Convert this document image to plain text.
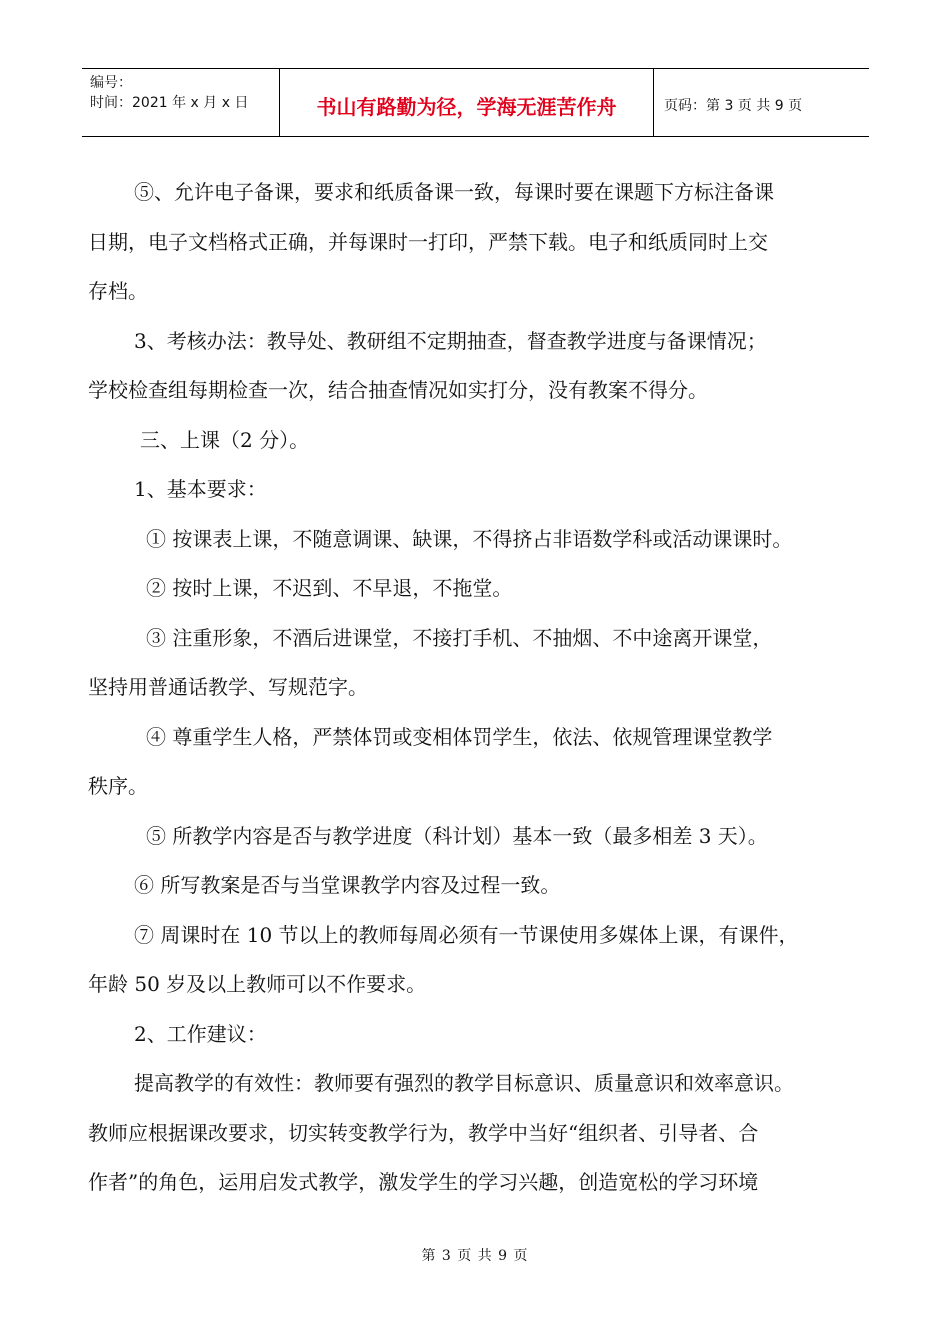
编号：
时间：2021 年 x 月 x 日	书山有路勤为径，学海无涯苦作舟	页码：第 3 页 共 9 页

⑤、允许电子备课，要求和纸质备课一致，每课时要在课题下方标注备课

日期，电子文档格式正确，并每课时一打印，严禁下载。电子和纸质同时上交

存档。

3、考核办法：教导处、教研组不定期抽查，督查教学进度与备课情况；

学校检查组每期检查一次，结合抽查情况如实打分，没有教案不得分。

三、上课（2 分）。

1、基本要求：

① 按课表上课，不随意调课、缺课，不得挤占非语数学科或活动课课时。

② 按时上课，不迟到、不早退，不拖堂。

③ 注重形象，不酒后进课堂，不接打手机、不抽烟、不中途离开课堂，

坚持用普通话教学、写规范字。

④ 尊重学生人格，严禁体罚或变相体罚学生，依法、依规管理课堂教学

秩序。

⑤ 所教学内容是否与教学进度（科计划）基本一致（最多相差 3 天）。

⑥ 所写教案是否与当堂课教学内容及过程一致。

⑦ 周课时在 10 节以上的教师每周必须有一节课使用多媒体上课，有课件，

年龄 50 岁及以上教师可以不作要求。

2、工作建议：

提高教学的有效性：教师要有强烈的教学目标意识、质量意识和效率意识。

教师应根据课改要求，切实转变教学行为，教学中当好“组织者、引导者、合

作者”的角色，运用启发式教学，激发学生的学习兴趣，创造宽松的学习环境

第 3 页 共 9 页
